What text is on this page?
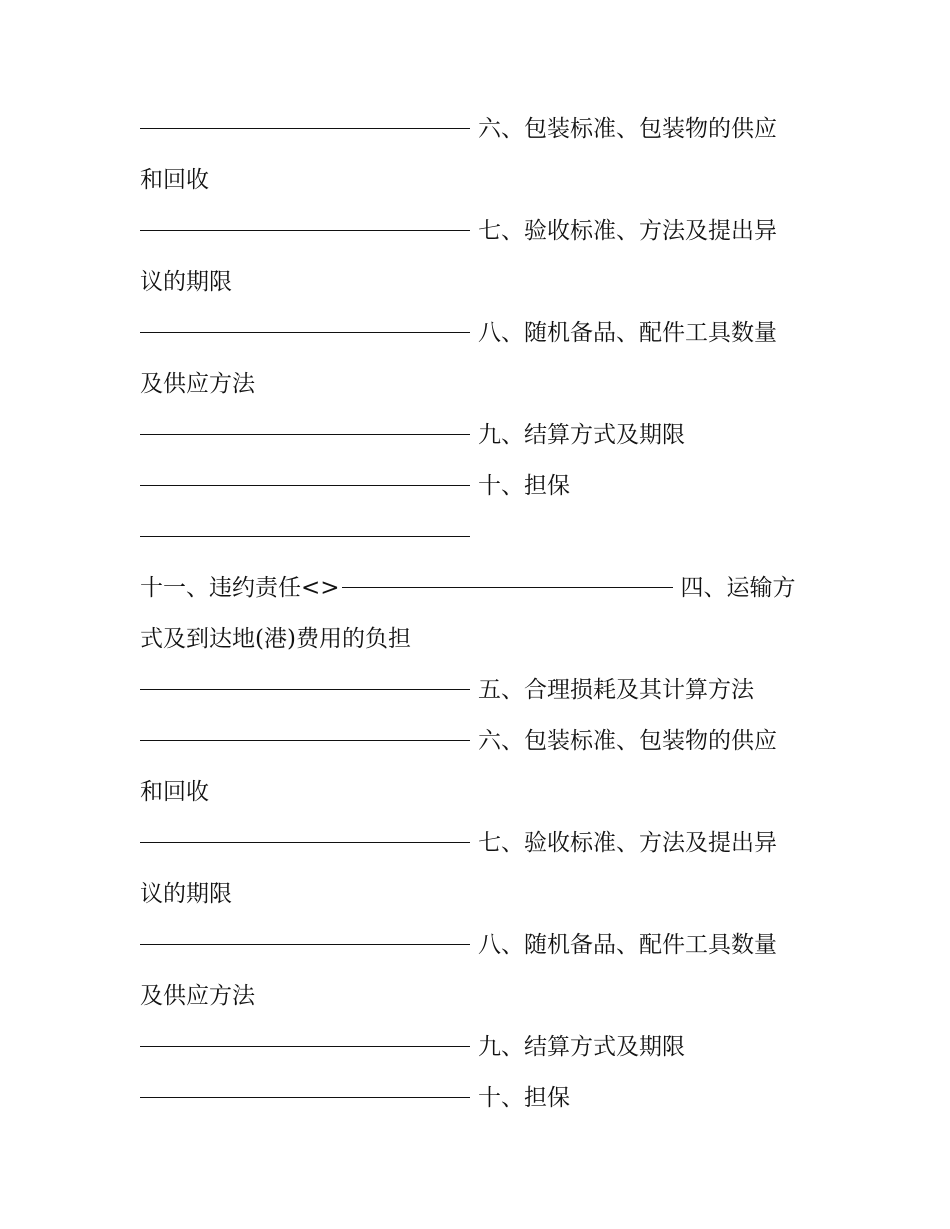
六、包装标准、包装物的供应
和回收
七、验收标准、方法及提出异
议的期限
八、随机备品、配件工具数量
及供应方法
九、结算方式及期限
十、担保
十一、违约责任<>	四、运输方
式及到达地(港)费用的负担
五、合理损耗及其计算方法
六、包装标准、包装物的供应
和回收
七、验收标准、方法及提出异
议的期限
八、随机备品、配件工具数量
及供应方法
九、结算方式及期限
十、担保
